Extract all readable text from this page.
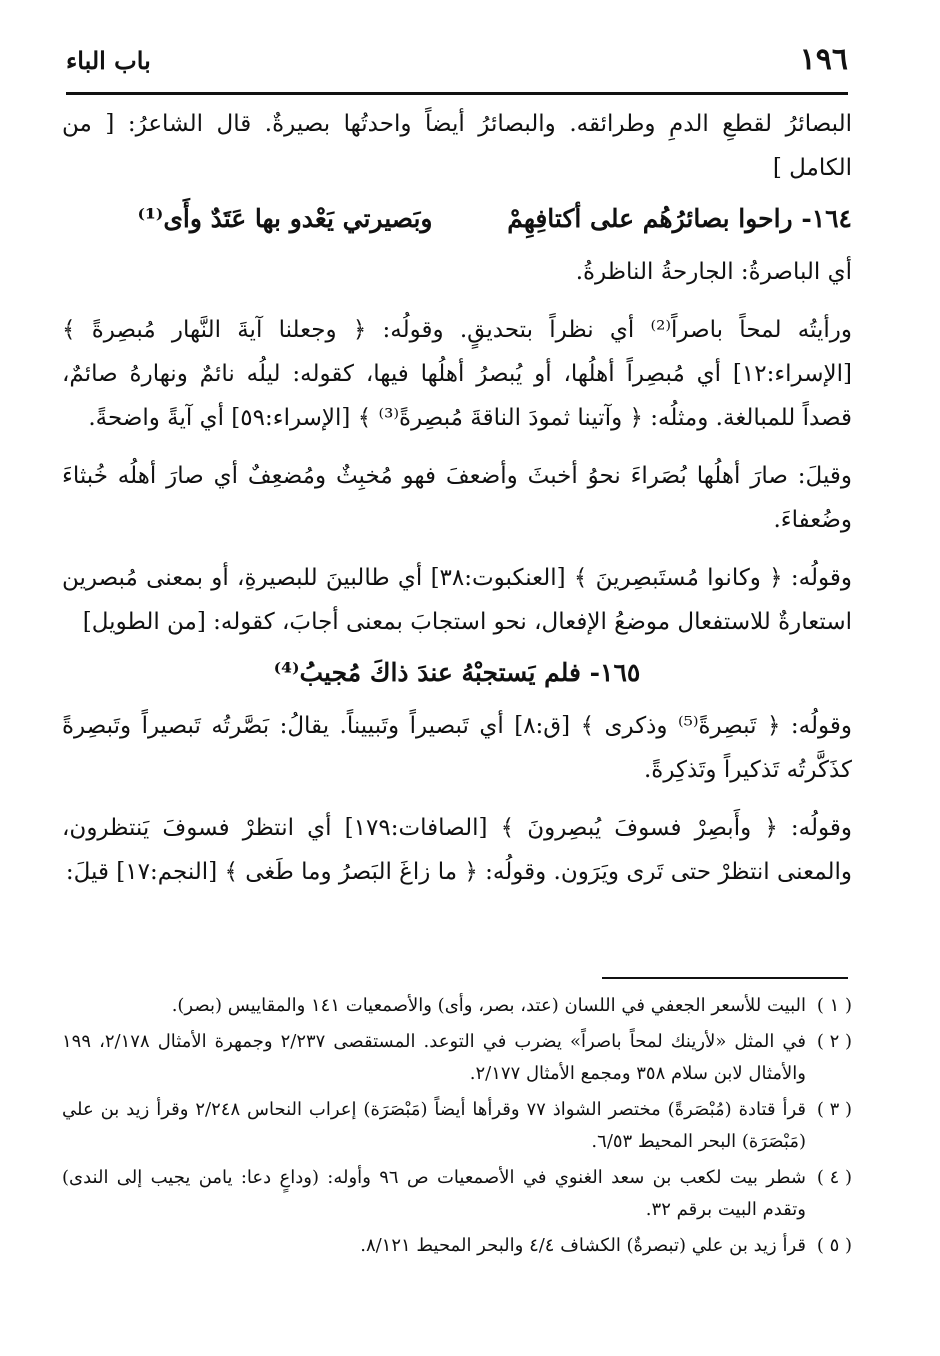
١٩٦
باب الباء

البصائرُ لقطعِ الدمِ وطرائقه. والبصائرُ أيضاً واحدتُها بصيرةٌ. قال الشاعرُ: [ من الكامل ]

١٦٤- راحوا بصائرُهُم على أكتافِهِمْ وبَصيرتي يَعْدو بها عَتَدٌ وأَى⁽¹⁾

أي الباصرةُ: الجارحةُ الناظرةُ.

ورأيتُه لمحاً باصراً⁽²⁾ أي نظراً بتحديقٍ. وقولُه: ﴿ وجعلنا آيةَ النَّهار مُبصِرةً ﴾ [الإسراء:١٢] أي مُبصِراً أهلُها، أو يُبصرُ أهلُها فيها، كقوله: ليلُه نائمٌ ونهارهُ صائمٌ، قصداً للمبالغة. ومثلُه: ﴿ وآتينا ثمودَ الناقةَ مُبصِرةً⁽³⁾ ﴾ [الإسراء:٥٩] أي آيةً واضحةً.

وقيلَ: صارَ أهلُها بُصَراءَ نحوُ أخبثَ وأضعفَ فهو مُخبِثٌ ومُضعِفٌ أي صارَ أهلُه خُبثاءَ وضُعفاءَ.

وقولُه: ﴿ وكانوا مُستَبصِرينَ ﴾ [العنكبوت:٣٨] أي طالبينَ للبصيرةِ، أو بمعنى مُبصرين استعارةٌ للاستفعال موضعُ الإفعال، نحو استجابَ بمعنى أجابَ، كقوله: [من الطويل]

١٦٥- فلم يَستجبْهُ عندَ ذاكَ مُجيبُ⁽⁴⁾

وقولُه: ﴿ تَبصِرةً⁽⁵⁾ وذكرى ﴾ [ق:٨] أي تَبصيراً وتَبييناً. يقالُ: بَصَّرتُه تَبصيراً وتَبصِرةً كذَكَّرتُه تَذكيراً وتَذكِرةً.

وقولُه: ﴿ وأَبصِرْ فسوفَ يُبصِرونَ ﴾ [الصافات:١٧٩] أي انتظرْ فسوفَ يَنتظرون، والمعنى انتظرْ حتى تَرى ويَرَون. وقولُه: ﴿ ما زاغَ البَصرُ وما طَغى ﴾ [النجم:١٧] قيلَ:

( ١ )البيت للأسعر الجعفي في اللسان (عتد، بصر، وأى) والأصمعيات ١٤١ والمقاييس (بصر).

( ٢ )في المثل «لأرينك لمحاً باصراً» يضرب في التوعد. المستقصى ٢/٢٣٧ وجمهرة الأمثال ٢/١٧٨، ١٩٩ والأمثال لابن سلام ٣٥٨ ومجمع الأمثال ٢/١٧٧.

( ٣ )قرأ قتادة (مُبْصَرةً) مختصر الشواذ ٧٧ وقرأها أيضاً (مَبْصَرَة) إعراب النحاس ٢/٢٤٨ وقرأ زيد بن علي (مَبْصَرَة) البحر المحيط ٦/٥٣.

( ٤ )شطر بيت لكعب بن سعد الغنوي في الأصمعيات ص ٩٦ وأوله: (وداعٍ دعا: يامن يجيب إلى الندى) وتقدم البيت برقم ٣٢.

( ٥ )قرأ زيد بن علي (تبصرةٌ) الكشاف ٤/٤ والبحر المحيط ٨/١٢١.
